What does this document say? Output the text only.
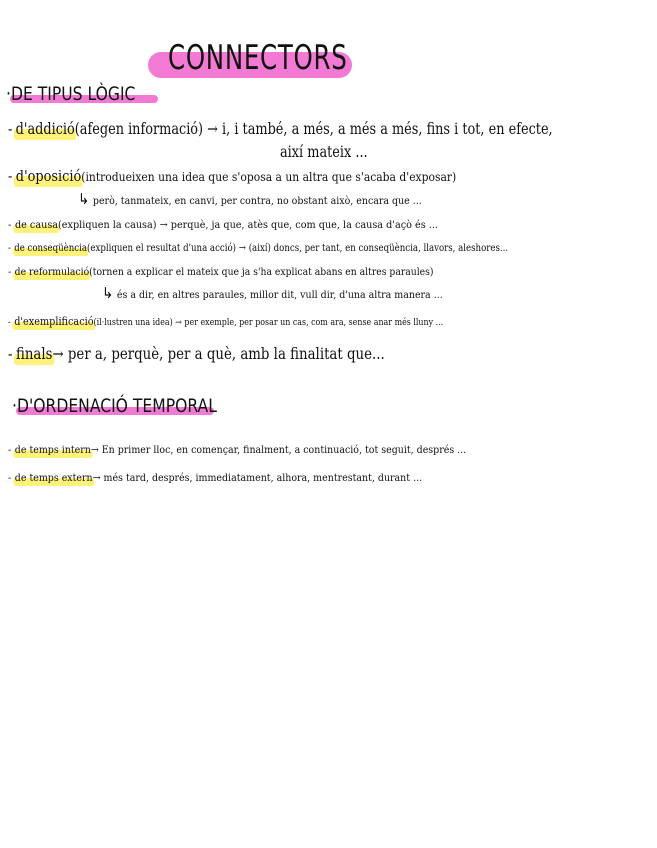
CONNECTORS
·DE TIPUS LÒGIC
- d'addició(afegen informació) → i, i també, a més, a més a més, fins i tot, en efecte,
així mateix ...
- d'oposició(introdueixen una idea que s'oposa a un altra que s'acaba d'exposar)
↳ però, tanmateix, en canvi, per contra, no obstant això, encara que ...
- de causa(expliquen la causa) → perquè, ja que, atès que, com que, la causa d'açò és ...
- de conseqüència(expliquen el resultat d'una acció) → (així) doncs, per tant, en conseqüència, llavors, aleshores...
- de reformulació(tornen a explicar el mateix que ja s'ha explicat abans en altres paraules)
↳ és a dir, en altres paraules, millor dit, vull dir, d'una altra manera ...
- d'exemplificació(il·lustren una idea) → per exemple, per posar un cas, com ara, sense anar més lluny ...
- finals→ per a, perquè, per a què, amb la finalitat que...
·D'ORDENACIÓ TEMPORAL
- de temps intern→ En primer lloc, en començar, finalment, a continuació, tot seguit, després ...
- de temps extern→ més tard, després, immediatament, alhora, mentrestant, durant ...
